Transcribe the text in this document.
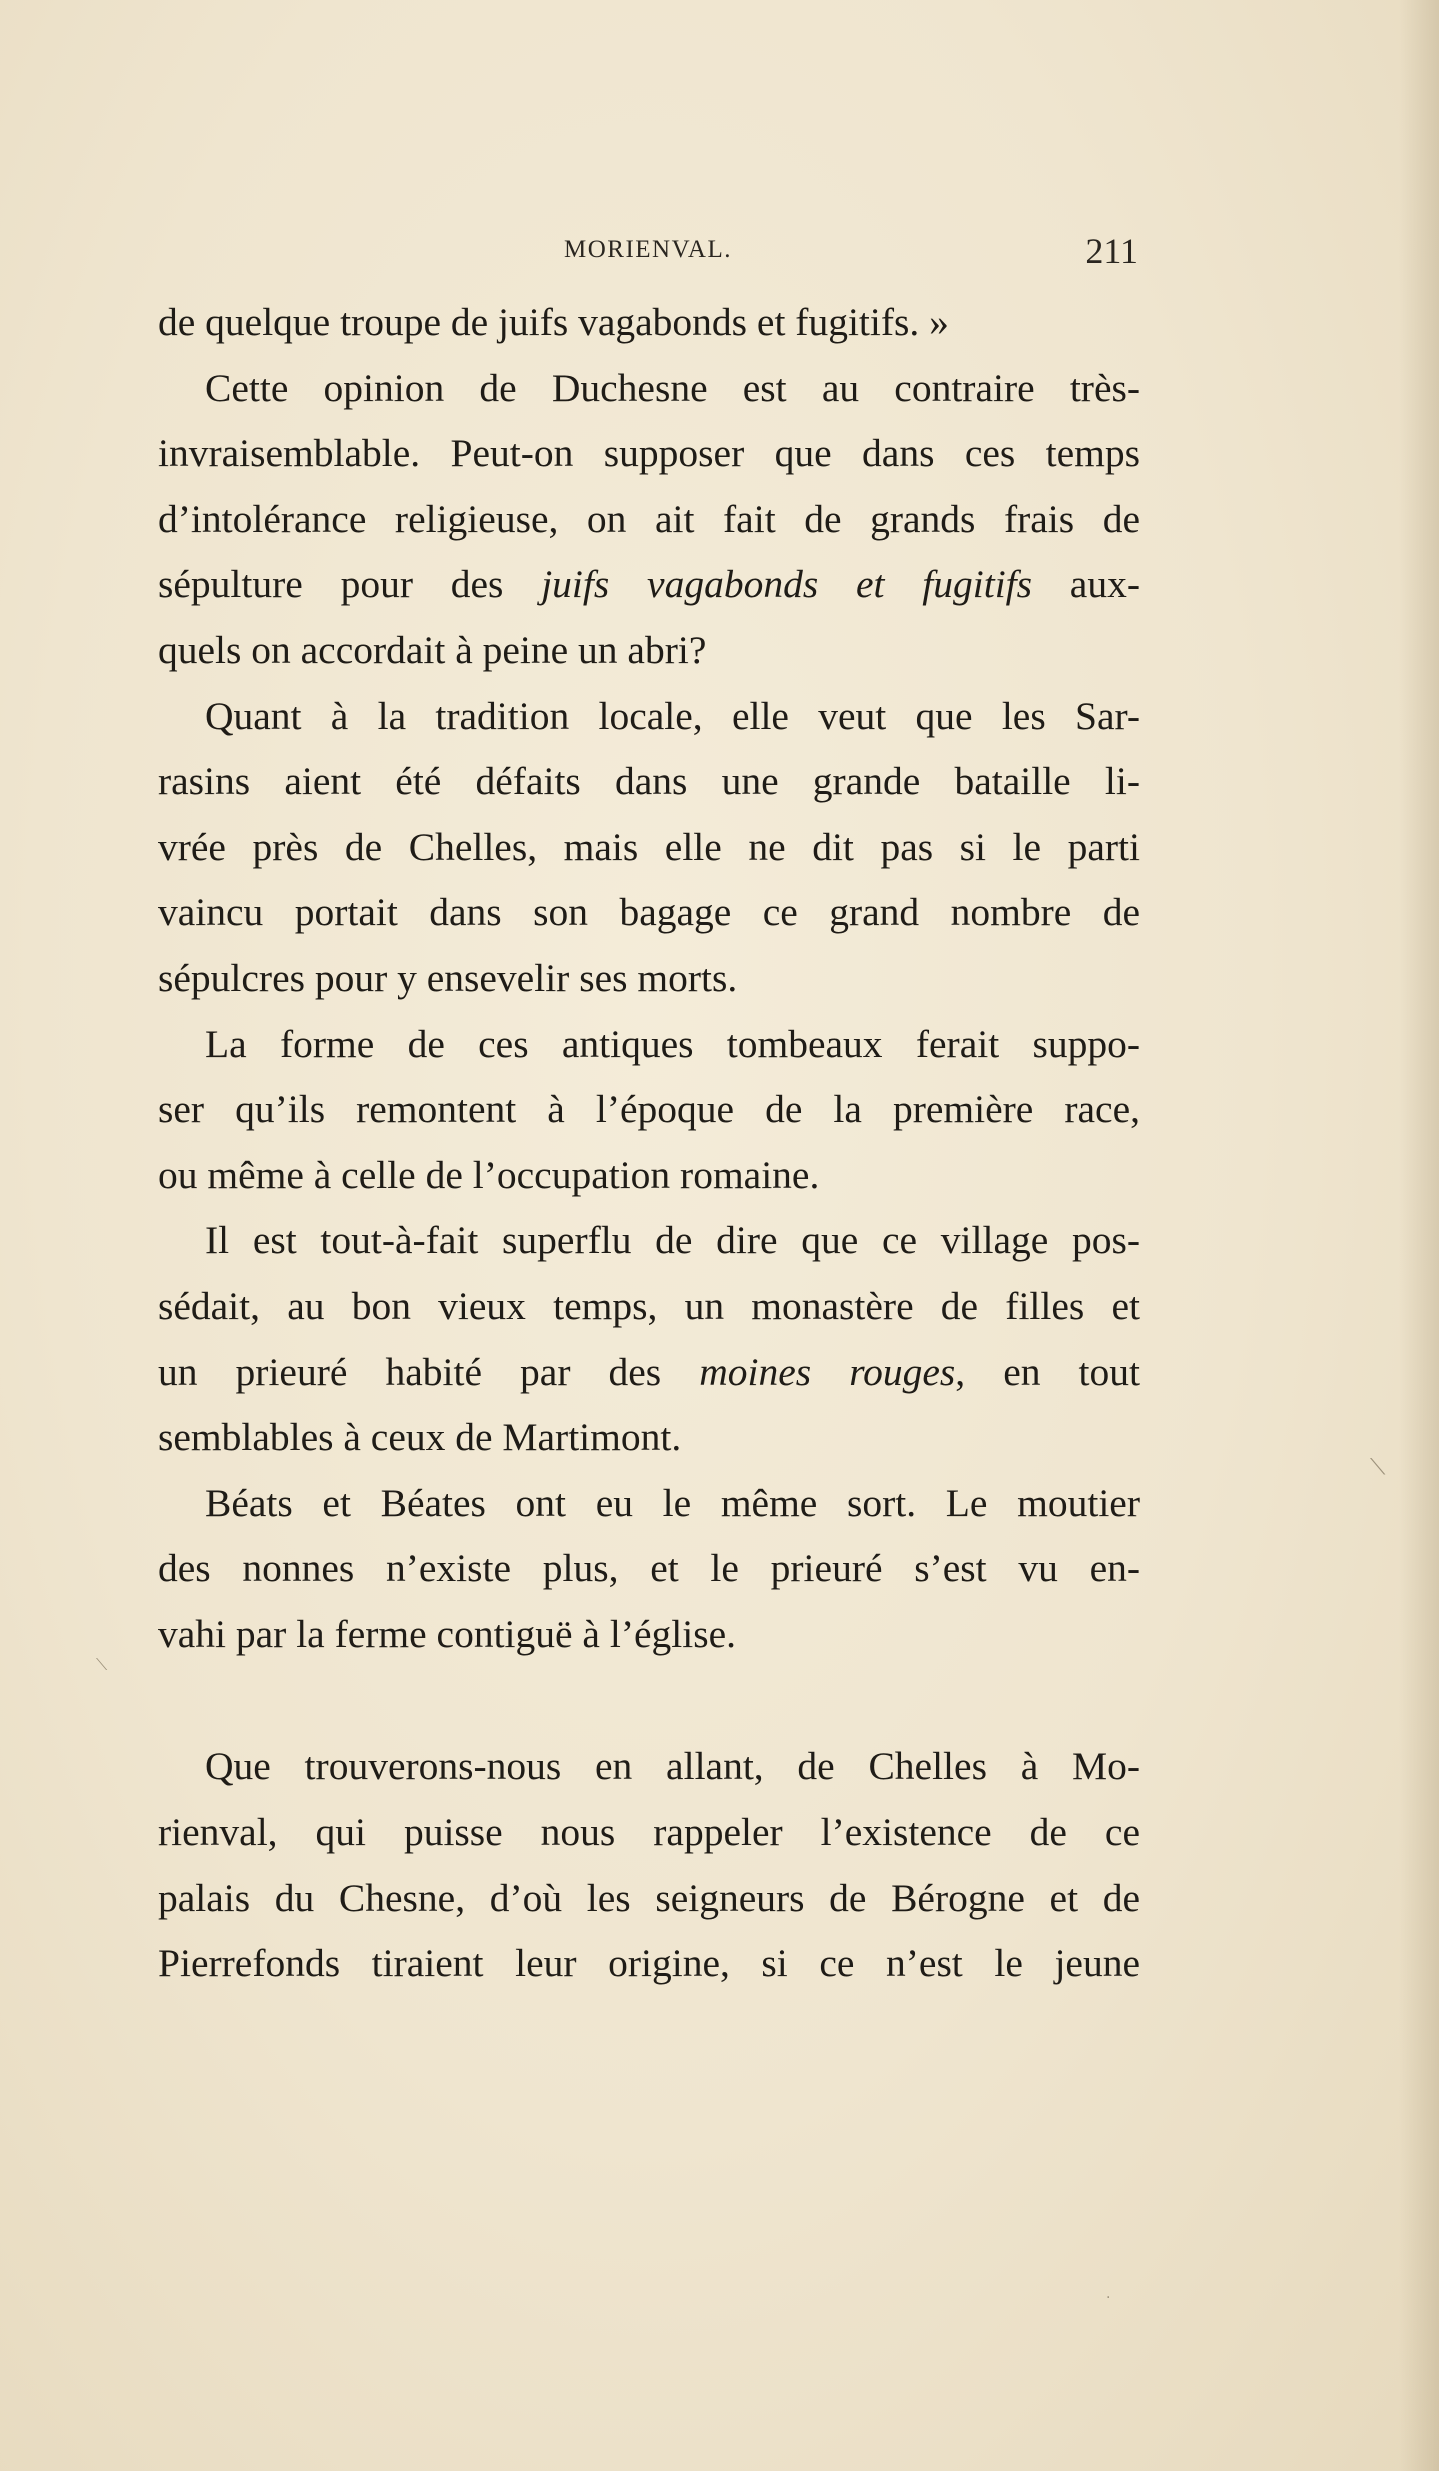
MORIENVAL.	211
de quelque troupe de juifs vagabonds et fugitifs. »
Cette opinion de Duchesne est au contraire très-
invraisemblable. Peut-on supposer que dans ces temps
d’intolérance religieuse, on ait fait de grands frais de
sépulture pour des juifs vagabonds et fugitifs aux-
quels on accordait à peine un abri?
Quant à la tradition locale, elle veut que les Sar-
rasins aient été défaits dans une grande bataille li-
vrée près de Chelles, mais elle ne dit pas si le parti
vaincu portait dans son bagage ce grand nombre de
sépulcres pour y ensevelir ses morts.
La forme de ces antiques tombeaux ferait suppo-
ser qu’ils remontent à l’époque de la première race,
ou même à celle de l’occupation romaine.
Il est tout-à-fait superflu de dire que ce village pos-
sédait, au bon vieux temps, un monastère de filles et
un prieuré habité par des moines rouges, en tout
semblables à ceux de Martimont.
Béats et Béates ont eu le même sort. Le moutier
des nonnes n’existe plus, et le prieuré s’est vu en-
vahi par la ferme contiguë à l’église.
Que trouverons-nous en allant, de Chelles à Mo-
rienval, qui puisse nous rappeler l’existence de ce
palais du Chesne, d’où les seigneurs de Bérogne et de
Pierrefonds tiraient leur origine, si ce n’est le jeune
⟍
⟍
·
